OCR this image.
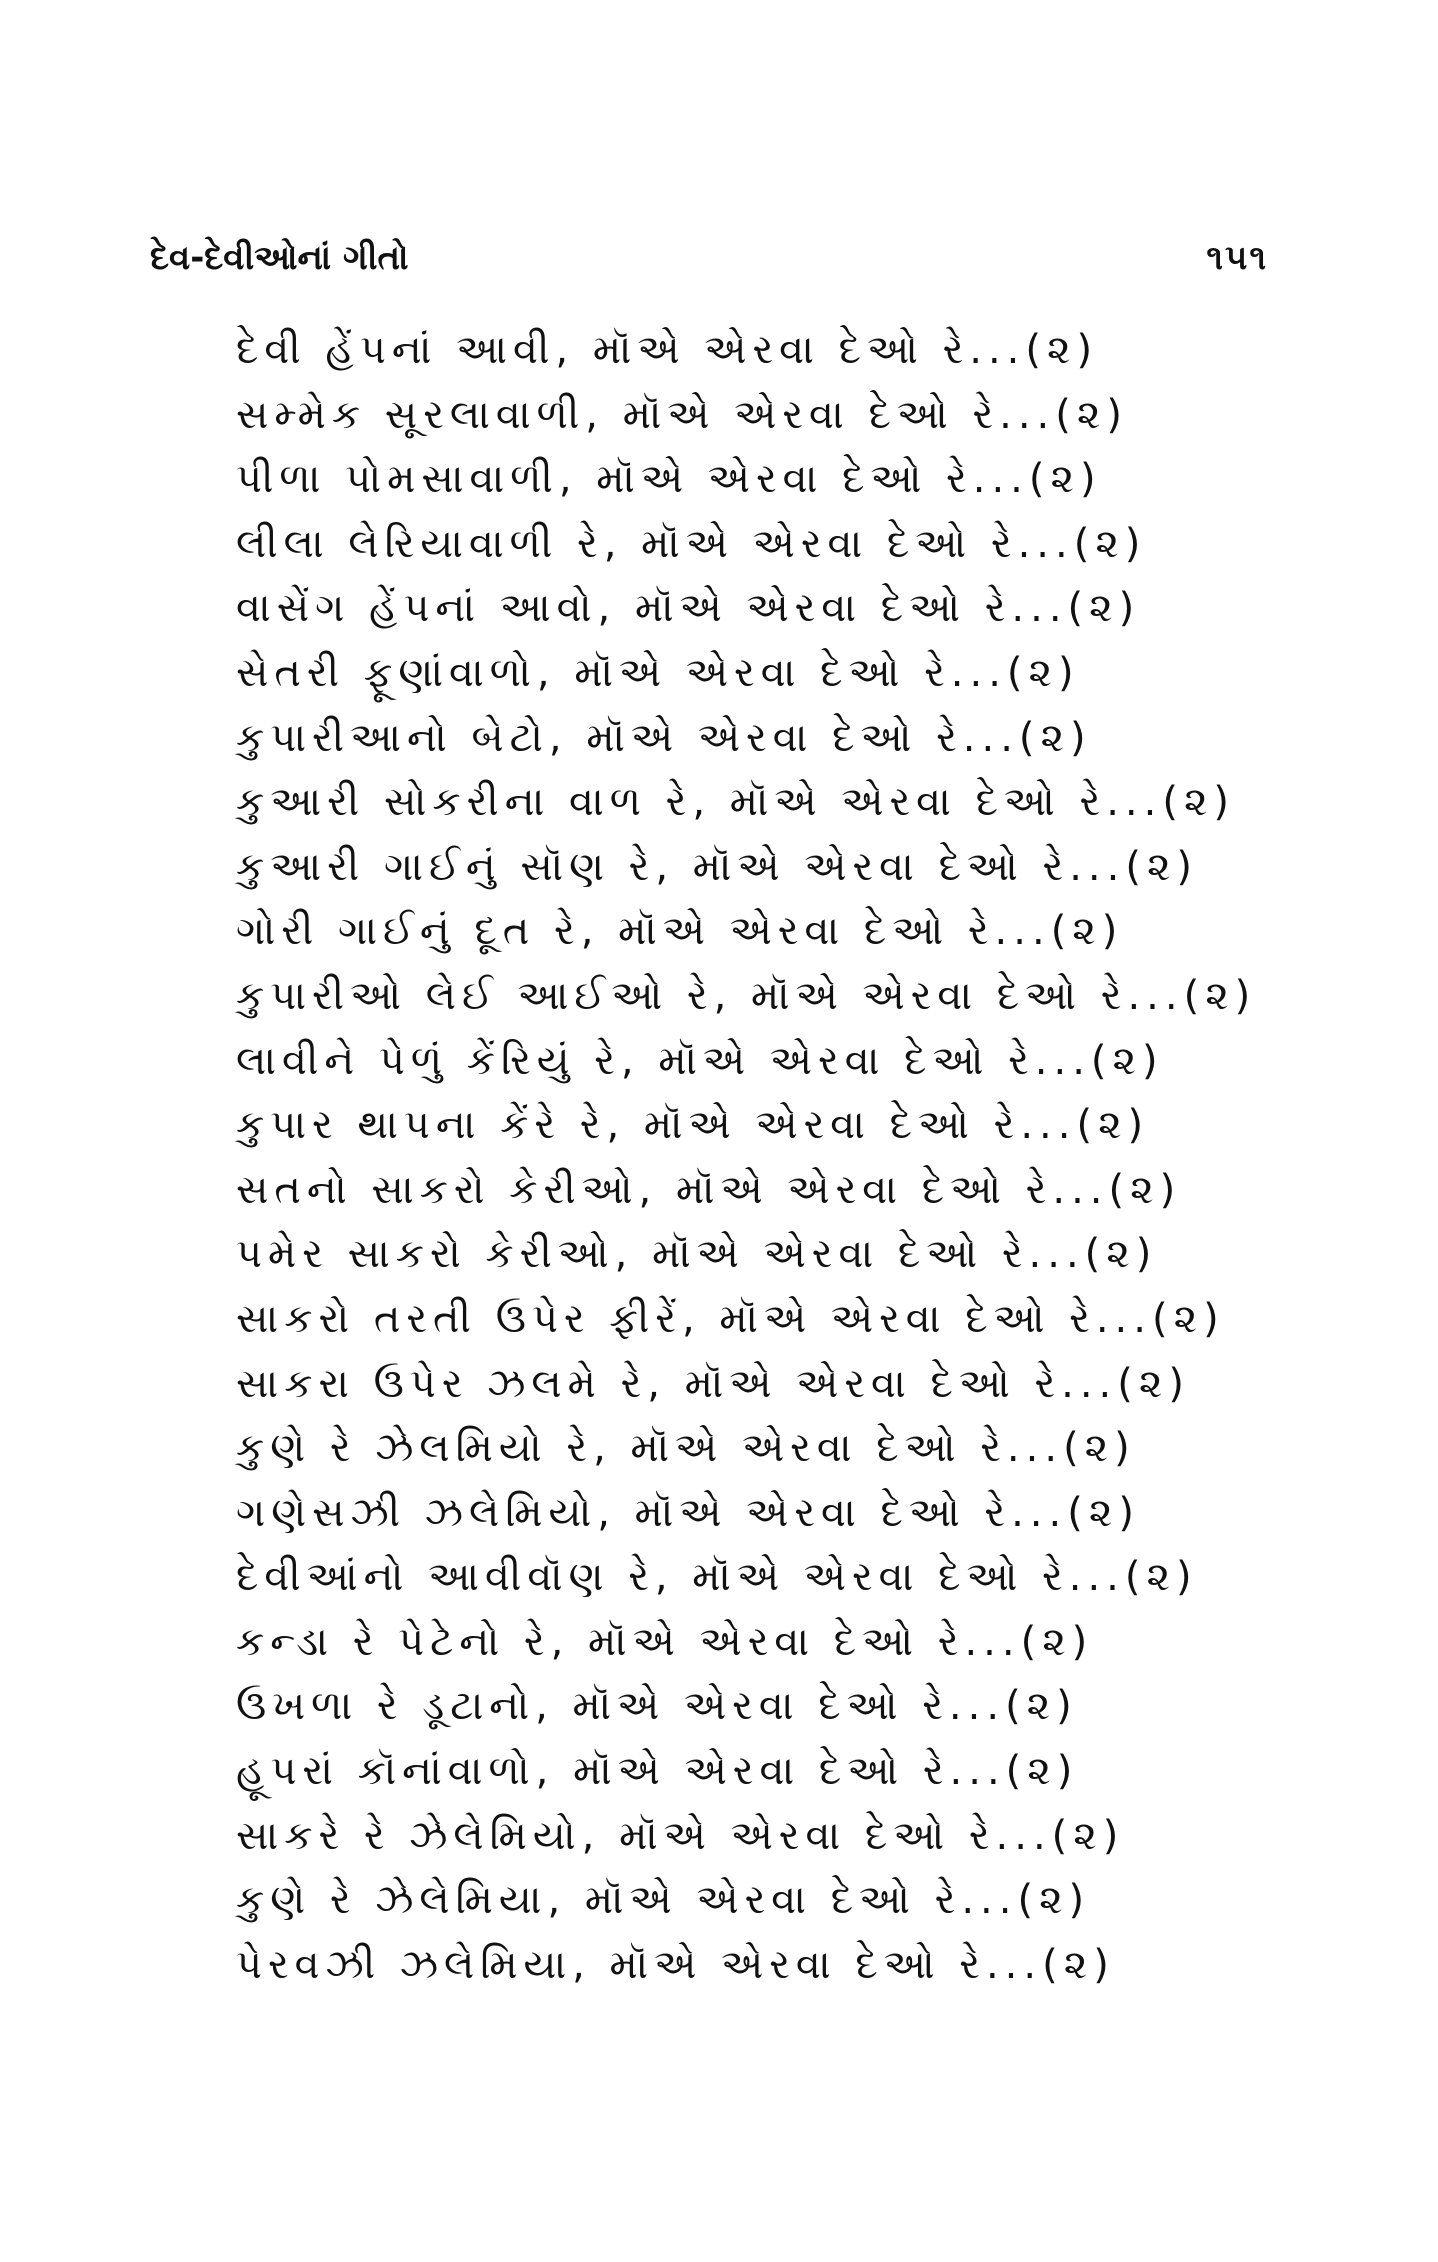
દેવ-દેવીઓનાં ગીતો	૧૫૧
દેવી હેંપનાં આવી, મૉએ એરવા દેઓ રે...(૨)
સમ્મેક સૂરલાવાળી, મૉએ એરવા દેઓ રે...(૨)
પીળા પોમસાવાળી, મૉએ એરવા દેઓ રે...(૨)
લીલા લેરિયાવાળી રે, મૉએ એરવા દેઓ રે...(૨)
વાસેંગ હેંપનાં આવો, મૉએ એરવા દેઓ રે...(૨)
સેતરી ફૂણાંવાળો, મૉએ એરવા દેઓ રે...(૨)
કુપારીઆનો બેટો, મૉએ એરવા દેઓ રે...(૨)
કુઆરી સોકરીના વાળ રે, મૉએ એરવા દેઓ રે...(૨)
કુઆરી ગાઈનું સૉણ રે, મૉએ એરવા દેઓ રે...(૨)
ગોરી ગાઈનું દૂત રે, મૉએ એરવા દેઓ રે...(૨)
કુપારીઓ લેઈ આઈઓ રે, મૉએ એરવા દેઓ રે...(૨)
લાવીને પેળું કેંરિયું રે, મૉએ એરવા દેઓ રે...(૨)
કુપાર થાપના કેંરે રે, મૉએ એરવા દેઓ રે...(૨)
સતનો સાકરો કેરીઓ, મૉએ એરવા દેઓ રે...(૨)
પમેર સાકરો કેરીઓ, મૉએ એરવા દેઓ રે...(૨)
સાકરો તરતી ઉપેર ફીરેં, મૉએ એરવા દેઓ રે...(૨)
સાકરા ઉપેર ઝલમે રે, મૉએ એરવા દેઓ રે...(૨)
કુણે રે ઝેલમિયો રે, મૉએ એરવા દેઓ રે...(૨)
ગણેસઝી ઝલેમિયો, મૉએ એરવા દેઓ રે...(૨)
દેવીઆંનો આવીવૉણ રે, મૉએ એરવા દેઓ રે...(૨)
કન્ડા રે પેટેનો રે, મૉએ એરવા દેઓ રે...(૨)
ઉખળા રે ડૂટાનો, મૉએ એરવા દેઓ રે...(૨)
હૂપરાં કૉનાંવાળો, મૉએ એરવા દેઓ રે...(૨)
સાકરે રે ઝેલેમિયો, મૉએ એરવા દેઓ રે...(૨)
કુણે રે ઝેલેમિયા, મૉએ એરવા દેઓ રે...(૨)
પેરવઝી ઝલેમિયા, મૉએ એરવા દેઓ રે...(૨)
